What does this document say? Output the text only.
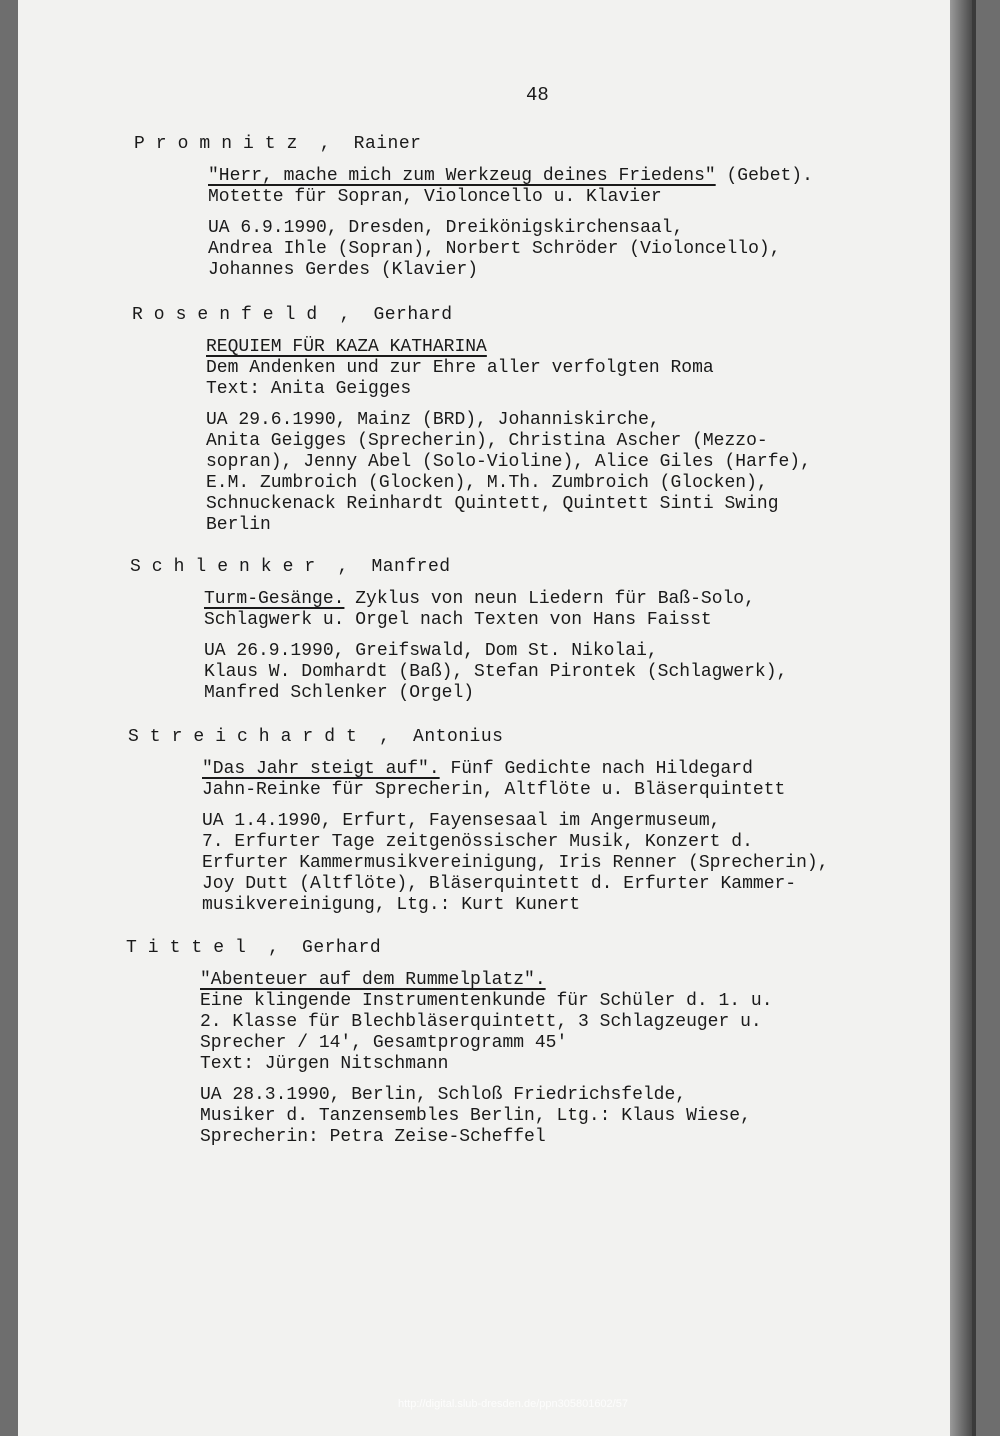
48
Promnitz ,  Rainer
"Herr, mache mich zum Werkzeug deines Friedens" (Gebet).
Motette für Sopran, Violoncello u. Klavier
UA 6.9.1990, Dresden, Dreikönigskirchensaal,
Andrea Ihle (Sopran), Norbert Schröder (Violoncello),
Johannes Gerdes (Klavier)
Rosenfeld ,  Gerhard
REQUIEM FÜR KAZA KATHARINA
Dem Andenken und zur Ehre aller verfolgten Roma
Text: Anita Geigges
UA 29.6.1990, Mainz (BRD), Johanniskirche,
Anita Geigges (Sprecherin), Christina Ascher (Mezzo-
sopran), Jenny Abel (Solo-Violine), Alice Giles (Harfe),
E.M. Zumbroich (Glocken), M.Th. Zumbroich (Glocken),
Schnuckenack Reinhardt Quintett, Quintett Sinti Swing
Berlin
Schlenker ,  Manfred
Turm-Gesänge. Zyklus von neun Liedern für Baß-Solo,
Schlagwerk u. Orgel nach Texten von Hans Faisst
UA 26.9.1990, Greifswald, Dom St. Nikolai,
Klaus W. Domhardt (Baß), Stefan Pirontek (Schlagwerk),
Manfred Schlenker (Orgel)
Streichardt ,  Antonius
"Das Jahr steigt auf". Fünf Gedichte nach Hildegard
Jahn-Reinke für Sprecherin, Altflöte u. Bläserquintett
UA 1.4.1990, Erfurt, Fayensesaal im Angermuseum,
7. Erfurter Tage zeitgenössischer Musik, Konzert d.
Erfurter Kammermusikvereinigung, Iris Renner (Sprecherin),
Joy Dutt (Altflöte), Bläserquintett d. Erfurter Kammer-
musikvereinigung, Ltg.: Kurt Kunert
Tittel ,  Gerhard
"Abenteuer auf dem Rummelplatz".
Eine klingende Instrumentenkunde für Schüler d. 1. u.
2. Klasse für Blechbläserquintett, 3 Schlagzeuger u.
Sprecher / 14', Gesamtprogramm 45'
Text: Jürgen Nitschmann
UA 28.3.1990, Berlin, Schloß Friedrichsfelde,
Musiker d. Tanzensembles Berlin, Ltg.: Klaus Wiese,
Sprecherin: Petra Zeise-Scheffel
http://digital.slub-dresden.de/ppn305801602/57
